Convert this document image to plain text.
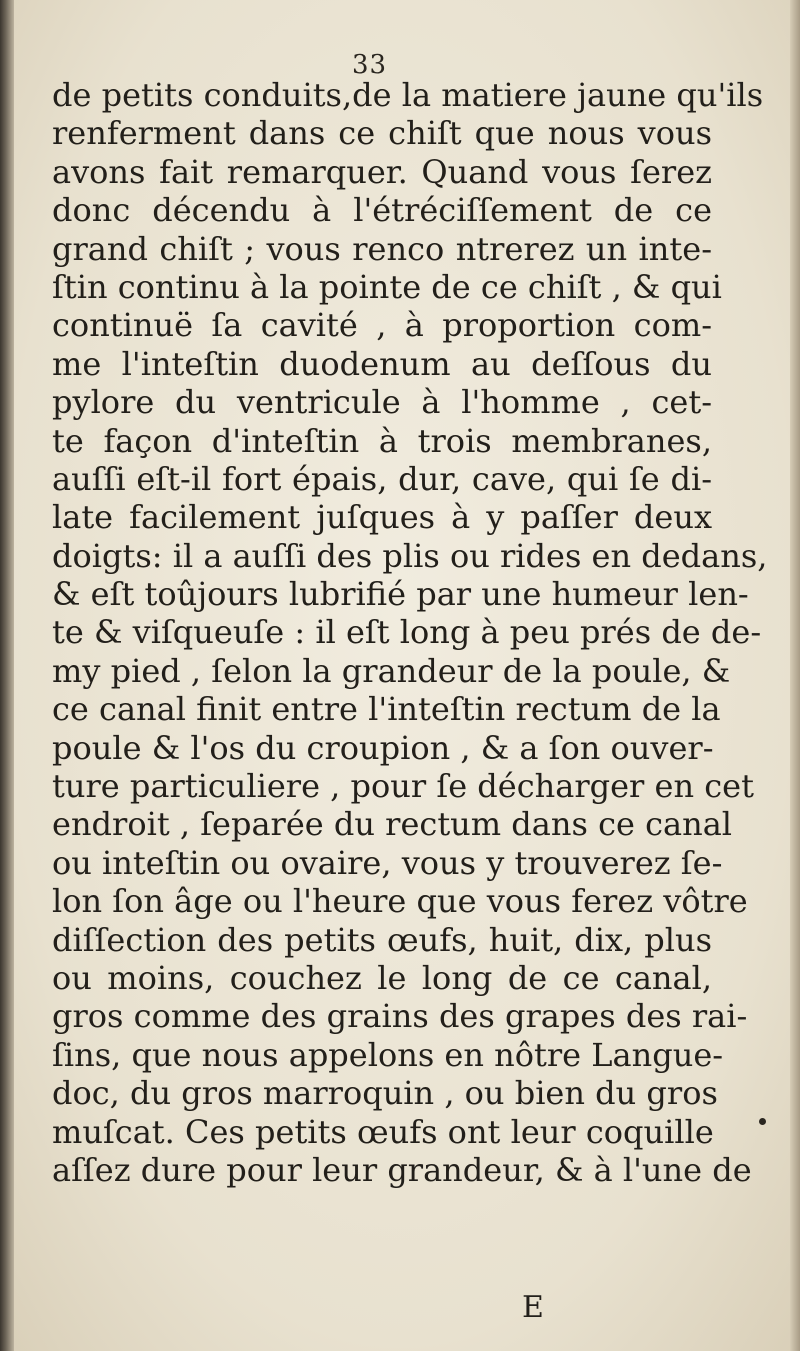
33
de petits conduits,de la matiere jaune qu'ils
renferment dans ce chiſt que nous vous
avons fait remarquer. Quand vous ſerez
donc décendu à l'étréciſſement de ce
grand chiſt ; vous renco ntrerez un inte-
ſtin continu à la pointe de ce chiſt , & qui
continuë ſa cavité , à proportion com-
me l'inteſtin duodenum au deſſous du
pylore du ventricule à l'homme , cet-
te façon d'inteſtin à trois membranes,
auſſi eſt-il fort épais, dur, cave, qui ſe di-
late facilement juſques à y paſſer deux
doigts: il a auſſi des plis ou rides en dedans,
& eſt toûjours lubrifié par une humeur len-
te & viſqueuſe : il eſt long à peu prés de de-
my pied , ſelon la grandeur de la poule, &
ce canal finit entre l'inteſtin rectum de la
poule & l'os du croupion , & a ſon ouver-
ture particuliere , pour ſe décharger en cet
endroit , ſeparée du rectum dans ce canal
ou inteſtin ou ovaire, vous y trouverez ſe-
lon ſon âge ou l'heure que vous ferez vôtre
diſſection des petits œufs, huit, dix, plus
ou moins, couchez le long de ce canal,
gros comme des grains des grapes des rai-
ſins, que nous appelons en nôtre Langue-
doc, du gros marroquin , ou bien du gros
muſcat. Ces petits œufs ont leur coquille
aſſez dure pour leur grandeur, & à l'une de
E
